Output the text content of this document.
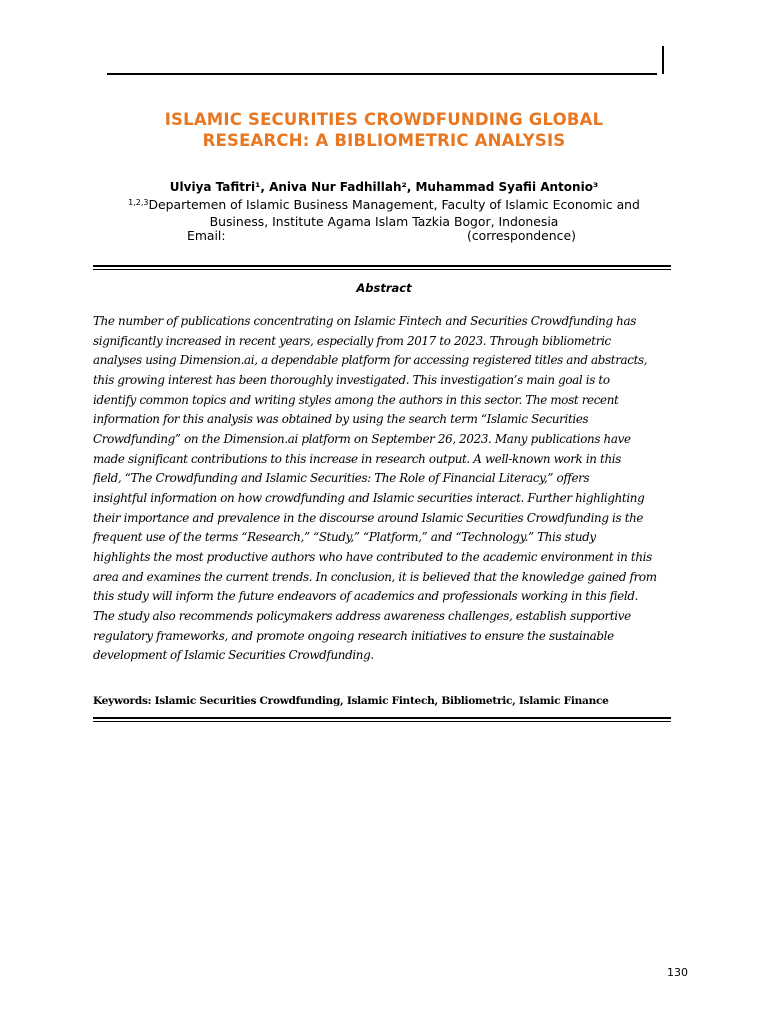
ISLAMIC SECURITIES CROWDFUNDING GLOBAL
RESEARCH: A BIBLIOMETRIC ANALYSIS
Ulviya Tafitri¹, Aniva Nur Fadhillah², Muhammad Syafii Antonio³
$^{1,2,3}$Departemen of Islamic Business Management, Faculty of Islamic Economic and
Business, Institute Agama Islam Tazkia Bogor, Indonesia
Email:	(correspondence)
Abstract
The number of publications concentrating on Islamic Fintech and Securities Crowdfunding has
significantly increased in recent years, especially from 2017 to 2023. Through bibliometric
analyses using Dimension.ai, a dependable platform for accessing registered titles and abstracts,
this growing interest has been thoroughly investigated. This investigation’s main goal is to
identify common topics and writing styles among the authors in this sector. The most recent
information for this analysis was obtained by using the search term “Islamic Securities
Crowdfunding” on the Dimension.ai platform on September 26, 2023. Many publications have
made significant contributions to this increase in research output. A well-known work in this
field, “The Crowdfunding and Islamic Securities: The Role of Financial Literacy,” offers
insightful information on how crowdfunding and Islamic securities interact. Further highlighting
their importance and prevalence in the discourse around Islamic Securities Crowdfunding is the
frequent use of the terms “Research,” “Study,” “Platform,” and “Technology.” This study
highlights the most productive authors who have contributed to the academic environment in this
area and examines the current trends. In conclusion, it is believed that the knowledge gained from
this study will inform the future endeavors of academics and professionals working in this field.
The study also recommends policymakers address awareness challenges, establish supportive
regulatory frameworks, and promote ongoing research initiatives to ensure the sustainable
development of Islamic Securities Crowdfunding.
Keywords: Islamic Securities Crowdfunding, Islamic Fintech, Bibliometric, Islamic Finance
130
